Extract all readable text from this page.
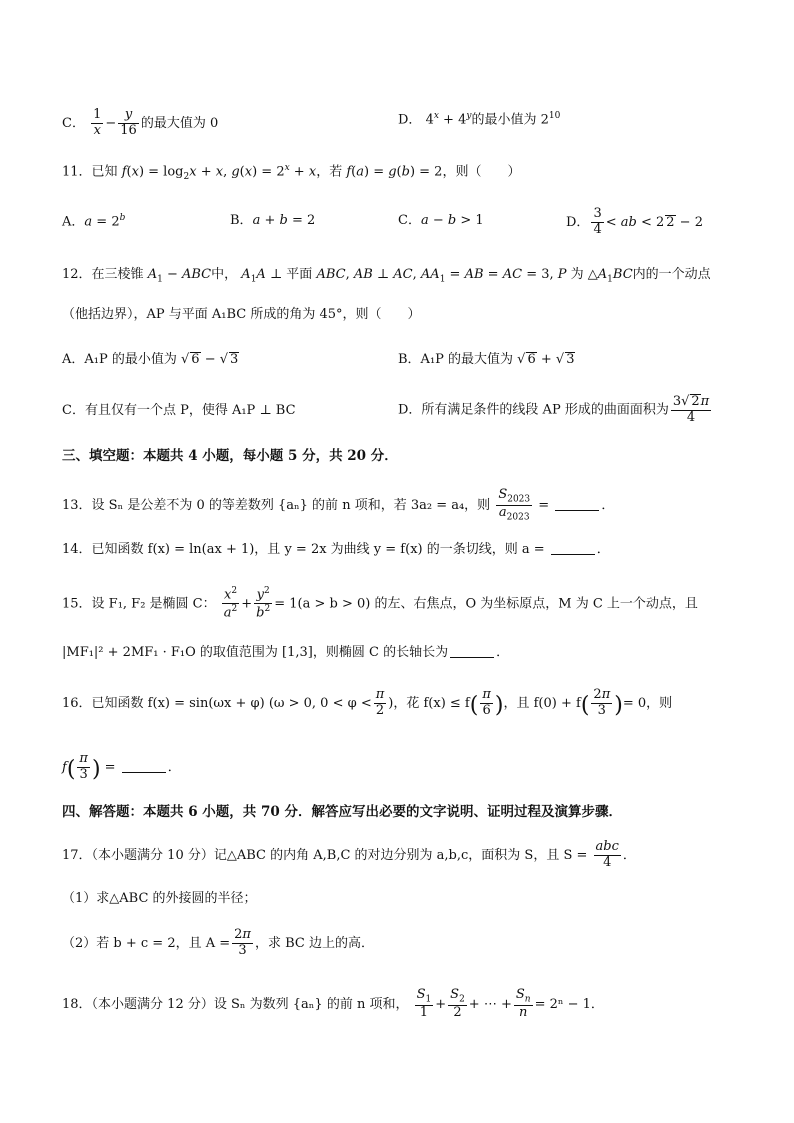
C． $\frac{1}{x} - \frac{y}{16}$ 的最大值为 0	D． $4^x + 4^y$的最小值为 $2^{10}$
11．已知 $f(x) = \log_2x + x$, $g(x) = 2^x + x$，若 f(a) = g(b) = 2，则（　　）
A．$a = 2^b$	B．a + b = 2	C．a − b > 1	D． $\frac{3}{4}$ < ab < 2 2 − 2
12．在三棱锥 $A_1$ − ABC中， $A_1A$ ⊥ 平面 ABC, AB ⊥ AC, $AA_1$ = AB = AC = 3, P 为 $\triangle A_1BC$内的一个动点
（他括边界），AP 与平面 A₁BC 所成的角为 45°，则（　　）
A．A₁P 的最小值为 √ 6 − √ 3	B．A₁P 的最大值为 √ 6 + √ 3
C．有且仅有一个点 P，使得 A₁P ⊥ BC	D．所有满足条件的线段 AP 形成的曲面面积为 $\frac{3√ 2\pi}{4}$
三、填空题：本题共 4 小题，每小题 5 分，共 20 分．
13．设 Sₙ 是公差不为 0 的等差数列 {aₙ} 的前 n 项和，若 3a₂ = a₄，则 $\frac{S_{2023}}{a_{2023}}$ =	．
14．已知函数 f(x) = ln(ax + 1)，且 y = 2x 为曲线 y = f(x) 的一条切线，则 a =	．
15．设 F₁, F₂ 是椭圆 C： $\frac{x^2}{a^2} + \frac{y^2}{b^2} = 1(a > b > 0)$ 的左、右焦点，O 为坐标原点，M 为 C 上一个动点，且
|MF₁|² + 2MF₁ · F₁O 的取值范围为 [1,3]，则椭圆 C 的长轴长为	．
16．已知函数 f(x) = sin(ωx + φ) (ω > 0, $0 < \varphi < \frac{\pi}{2}$ )，花 $f(x) \le f( \frac{\pi}{6}$ )，且 $f(0) + f( \frac{2\pi}{3}$ )= 0，则
$f( \frac{\pi}{3}$ ) =	．
四、解答题：本题共 6 小题，共 70 分．解答应写出必要的文字说明、证明过程及演算步骤．
17．（本小题满分 10 分）记△ABC 的内角 A,B,C 的对边分别为 a,b,c，面积为 S，且 $S = \frac{\text{abc}}{4}$ ．
（1）求△ABC 的外接圆的半径；
（2）若 b + c = 2，且 $A = \frac{2\pi}{3}$ ，求 BC 边上的高．
18．（本小题满分 12 分）设 Sₙ 为数列 {aₙ} 的前 n 项和， $\frac{S_1}{1} + \frac{S_2}{2}$ + ⋯ + $\frac{S_n}{n} = 2^n - 1$．
